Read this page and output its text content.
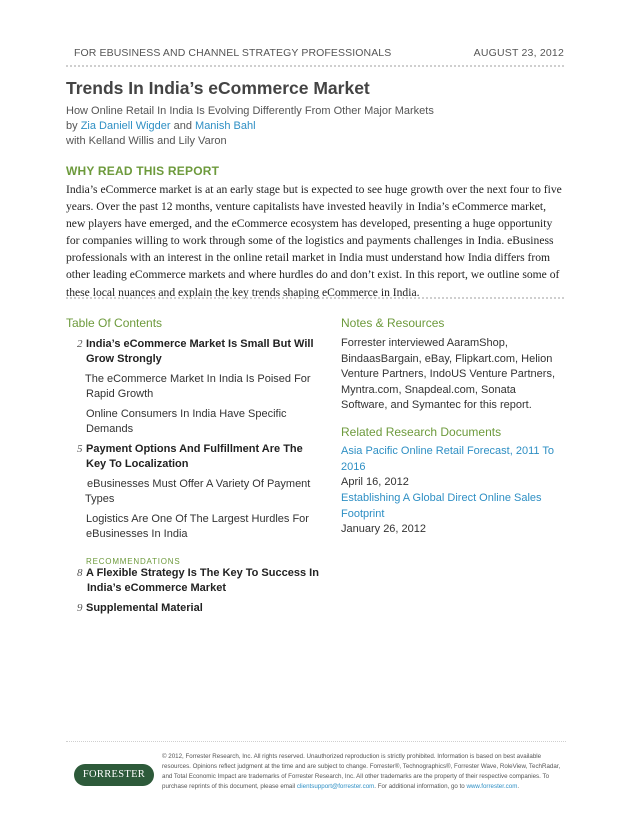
FOR EBUSINESS AND CHANNEL STRATEGY PROFESSIONALS	AUGUST 23, 2012
Trends In India’s eCommerce Market
How Online Retail In India Is Evolving Differently From Other Major Markets
by Zia Daniell Wigder and Manish Bahl
with Kelland Willis and Lily Varon
WHY READ THIS REPORT
India’s eCommerce market is at an early stage but is expected to see huge growth over the next four to five
years. Over the past 12 months, venture capitalists have invested heavily in India’s eCommerce market,
new players have emerged, and the eCommerce ecosystem has developed, presenting a huge opportunity
for companies willing to work through some of the logistics and payments challenges in India. eBusiness
professionals with an interest in the online retail market in India must understand how India differs from
other leading eCommerce markets and where hurdles do and don’t exist. In this report, we outline some of
these local nuances and explain the key trends shaping eCommerce in India.
Table Of Contents
2 India’s eCommerce Market Is Small But Will
Grow Strongly
The eCommerce Market In India Is Poised For
Rapid Growth
Online Consumers In India Have Specific
Demands
5 Payment Options And Fulfillment Are The
Key To Localization
eBusinesses Must Offer A Variety Of Payment
Types
Logistics Are One Of The Largest Hurdles For
eBusinesses In India
RECOMMENDATIONS
8 A Flexible Strategy Is The Key To Success In
India’s eCommerce Market
9 Supplemental Material
Notes & Resources
Forrester interviewed AaramShop,
BindaasBargain, eBay, Flipkart.com, Helion
Venture Partners, IndoUS Venture Partners,
Myntra.com, Snapdeal.com, Sonata
Software, and Symantec for this report.
Related Research Documents
Asia Pacific Online Retail Forecast, 2011 To
2016
April 16, 2012
Establishing A Global Direct Online Sales
Footprint
January 26, 2012
FORRESTER
© 2012, Forrester Research, Inc. All rights reserved. Unauthorized reproduction is strictly prohibited. Information is based on best available
resources. Opinions reflect judgment at the time and are subject to change. Forrester®, Technographics®, Forrester Wave, RoleView, TechRadar,
and Total Economic Impact are trademarks of Forrester Research, Inc. All other trademarks are the property of their respective companies. To
purchase reprints of this document, please email clientsupport@forrester.com. For additional information, go to www.forrester.com.
